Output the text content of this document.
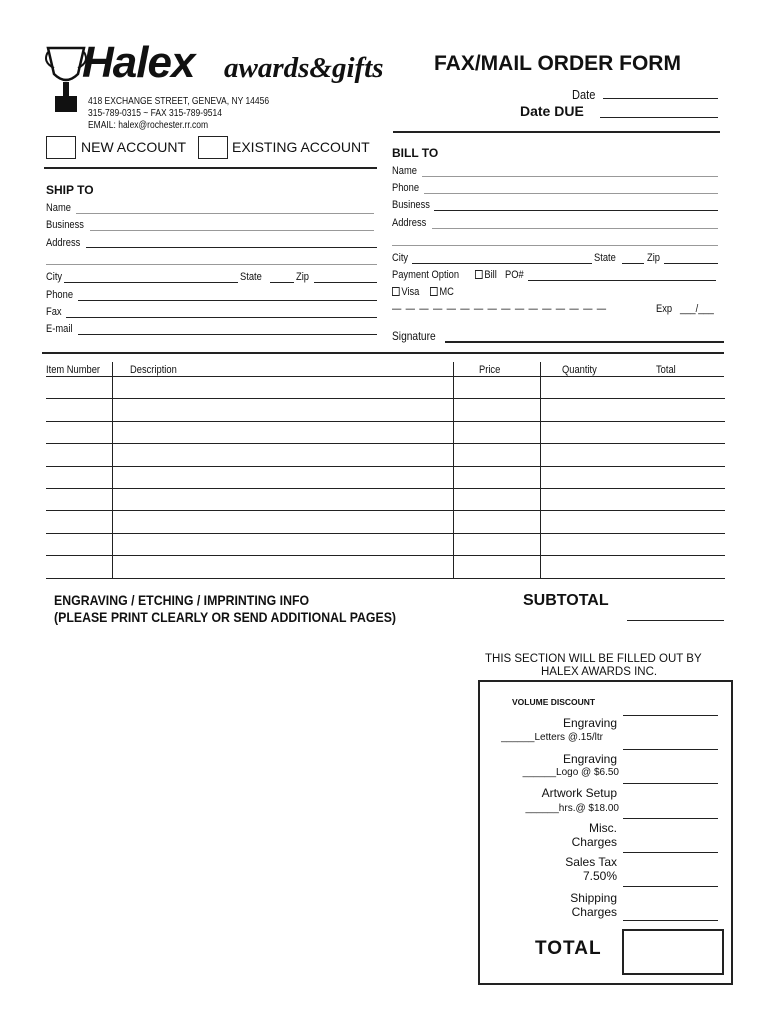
Halex awards&gifts
418 EXCHANGE STREET, GENEVA, NY 14456
315-789-0315 ~ FAX 315-789-9514
EMAIL: halex@rochester.rr.com
FAX/MAIL ORDER FORM
Date
Date DUE
NEW ACCOUNT	EXISTING ACCOUNT
SHIP TO
Name
Business
Address
City	State	Zip
Phone
Fax
E-mail
BILL TO
Name
Phone
Business
Address
City	State	Zip
Payment Option	Bill PO#
Visa	MC
— — — — — — — — — — — — — — — —	Exp ___/___
Signature
Item Number	Description	Price	Quantity	Total
ENGRAVING / ETCHING / IMPRINTING INFO
(PLEASE PRINT CLEARLY OR SEND ADDITIONAL PAGES)
SUBTOTAL
THIS SECTION WILL BE FILLED OUT BY
HALEX AWARDS INC.
VOLUME DISCOUNT
Engraving
______Letters @.15/ltr
Engraving
______Logo @ $6.50
Artwork Setup
______hrs.@ $18.00
Misc.
Charges
Sales Tax
7.50%
Shipping
Charges
TOTAL
